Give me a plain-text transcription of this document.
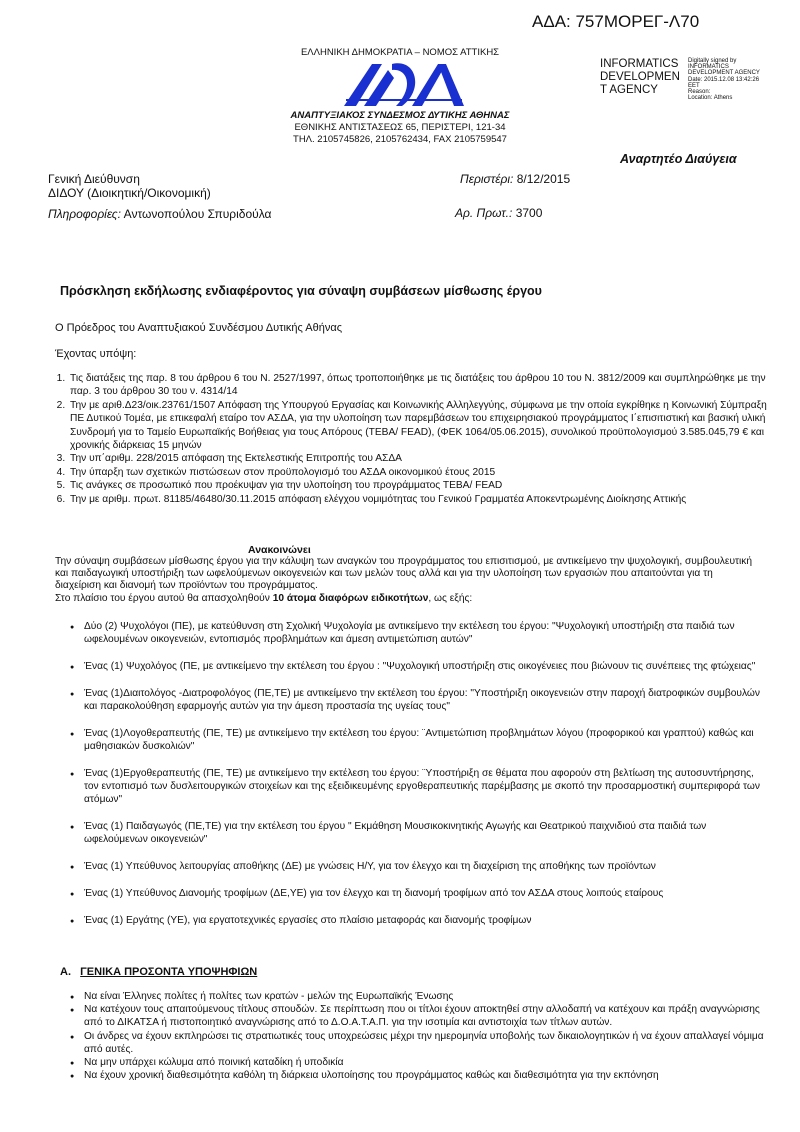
ΑΔΑ: 757ΜΟΡΕΓ-Λ70
ΕΛΛΗΝΙΚΗ ΔΗΜΟΚΡΑΤΙΑ – ΝΟΜΟΣ ΑΤΤΙΚΗΣ
ΑΝΑΠΤΥΞΙΑΚΟΣ ΣΥΝΔΕΣΜΟΣ ΔΥΤΙΚΗΣ ΑΘΗΝΑΣ
ΕΘΝΙΚΗΣ ΑΝΤΙΣΤΑΣΕΩΣ 65, ΠΕΡΙΣΤΕΡΙ, 121-34
ΤΗΛ. 2105745826, 2105762434, FAX 2105759547
INFORMATICS DEVELOPMEN T AGENCY
Digitally signed by
INFORMATICS
DEVELOPMENT AGENCY
Date: 2015.12.08 13:42:26
EET
Reason:
Location: Athens
Αναρτητέο Διαύγεια
Γενική Διεύθυνση
ΔΙΔΟΥ (Διοικητική/Οικονομική)
Πληροφορίες: Αντωνοπούλου Σπυριδούλα
Περιστέρι: 8/12/2015
Αρ. Πρωτ.: 3700
Πρόσκληση εκδήλωσης ενδιαφέροντος για σύναψη συμβάσεων μίσθωσης έργου
Ο Πρόεδρος του Αναπτυξιακού Συνδέσμου Δυτικής Αθήνας
Έχοντας υπόψη:
1. Τις διατάξεις της παρ. 8 του άρθρου 6 του Ν. 2527/1997, όπως τροποποιήθηκε με τις διατάξεις του άρθρου 10 του Ν. 3812/2009 και συμπληρώθηκε με την παρ. 3 του άρθρου 30 του ν. 4314/14
2. Την με αριθ.Δ23/οικ.23761/1507 Απόφαση της Υπουργού Εργασίας και Κοινωνικής Αλληλεγγύης, σύμφωνα με την οποία εγκρίθηκε η Κοινωνική Σύμπραξη ΠΕ Δυτικού Τομέα, με επικεφαλή εταίρο τον ΑΣΔΑ, για την υλοποίηση των παρεμβάσεων του επιχειρησιακού προγράμματος Ι΄επισιτιστική και βασική υλική Συνδρομή για το Ταμείο Ευρωπαϊκής Βοήθειας για τους Απόρους (ΤΕΒΑ/ FEAD), (ΦΕΚ 1064/05.06.2015), συνολικού προϋπολογισμού 3.585.045,79 € και χρονικής διάρκειας 15 μηνών
3. Την υπ΄αριθμ. 228/2015 απόφαση της Εκτελεστικής Επιτροπής του ΑΣΔΑ
4. Την ύπαρξη των σχετικών πιστώσεων στον προϋπολογισμό του ΑΣΔΑ οικονομικού έτους 2015
5. Τις ανάγκες σε προσωπικό που προέκυψαν για την υλοποίηση του προγράμματος ΤΕΒΑ/ FEAD
6. Την με αριθμ. πρωτ. 81185/46480/30.11.2015 απόφαση ελέγχου νομιμότητας του Γενικού Γραμματέα Αποκεντρωμένης Διοίκησης Αττικής
Ανακοινώνει
Την σύναψη συμβάσεων μίσθωσης έργου για την κάλυψη των αναγκών του προγράμματος του επισιτισμού, με αντικείμενο την ψυχολογική, συμβουλευτική και παιδαγωγική υποστήριξη των ωφελούμενων οικογενειών και των μελών τους αλλά και για την υλοποίηση των εργασιών που απαιτούνται για τη διαχείριση και διανομή των προϊόντων του προγράμματος.
Στο πλαίσιο του έργου αυτού θα απασχοληθούν 10 άτομα διαφόρων ειδικοτήτων, ως εξής:
● Δύο (2) Ψυχολόγοι (ΠΕ), με κατεύθυνση στη Σχολική Ψυχολογία με αντικείμενο την εκτέλεση του έργου: "Ψυχολογική υποστήριξη στα παιδιά των ωφελουμένων οικογενειών, εντοπισμός προβλημάτων και άμεση αντιμετώπιση αυτών"
● Ένας (1) Ψυχολόγος (ΠΕ, με αντικείμενο την εκτέλεση του έργου : "Ψυχολογική υποστήριξη στις οικογένειες που βιώνουν τις συνέπειες της φτώχειας"
● Ένας (1)Διαιτολόγος -Διατροφολόγος (ΠΕ,ΤΕ) με αντικείμενο την εκτέλεση του έργου: "Υποστήριξη οικογενειών στην παροχή διατροφικών συμβουλών και παρακολούθηση εφαρμογής αυτών για την άμεση προστασία της υγείας τους"
● Ένας (1)Λογοθεραπευτής (ΠΕ, ΤΕ) με αντικείμενο την εκτέλεση του έργου: ¨Αντιμετώπιση προβλημάτων λόγου (προφορικού και γραπτού) καθώς και μαθησιακών δυσκολιών"
● Ένας (1)Εργοθεραπευτής (ΠΕ, ΤΕ) με αντικείμενο την εκτέλεση του έργου: ¨Υποστήριξη σε θέματα που αφορούν στη βελτίωση της αυτοσυντήρησης, τον εντοπισμό των δυσλειτουργικών στοιχείων και της εξειδικευμένης εργοθεραπευτικής παρέμβασης με σκοπό την προσαρμοστική συμπεριφορά των ατόμων"
● Ένας (1) Παιδαγωγός (ΠΕ,ΤΕ) για την εκτέλεση του έργου " Εκμάθηση Μουσικοκινητικής Αγωγής και Θεατρικού παιχνιδιού στα παιδιά των ωφελούμενων οικογενειών"
● Ένας (1) Υπεύθυνος λειτουργίας αποθήκης (ΔΕ) με γνώσεις Η/Υ, για τον έλεγχο και τη διαχείριση της αποθήκης των προϊόντων
● Ένας (1) Υπεύθυνος Διανομής τροφίμων (ΔΕ,ΥΕ) για τον έλεγχο και τη διανομή τροφίμων από τον ΑΣΔΑ στους λοιπούς εταίρους
● Ένας (1) Εργάτης (ΥΕ), για εργατοτεχνικές εργασίες στο πλαίσιο μεταφοράς και διανομής τροφίμων
Α. ΓΕΝΙΚΑ ΠΡΟΣΟΝΤΑ ΥΠΟΨΗΦΙΩΝ
● Να είναι Έλληνες πολίτες ή πολίτες των κρατών - μελών της Ευρωπαϊκής Ένωσης
● Να κατέχουν τους απαιτούμενους τίτλους σπουδών. Σε περίπτωση που οι τίτλοι έχουν αποκτηθεί στην αλλοδαπή να κατέχουν και πράξη αναγνώρισης από το ΔΙΚΑΤΣΑ ή πιστοποιητικό αναγνώρισης από το Δ.Ο.Α.Τ.Α.Π. για την ισοτιμία και αντιστοιχία των τίτλων αυτών.
● Οι άνδρες να έχουν εκπληρώσει τις στρατιωτικές τους υποχρεώσεις μέχρι την ημερομηνία υποβολής των δικαιολογητικών ή να έχουν απαλλαγεί νόμιμα από αυτές.
● Να μην υπάρχει κώλυμα από ποινική καταδίκη ή υποδικία
● Να έχουν χρονική διαθεσιμότητα καθόλη τη διάρκεια υλοποίησης του προγράμματος καθώς και διαθεσιμότητα για την εκπόνηση
